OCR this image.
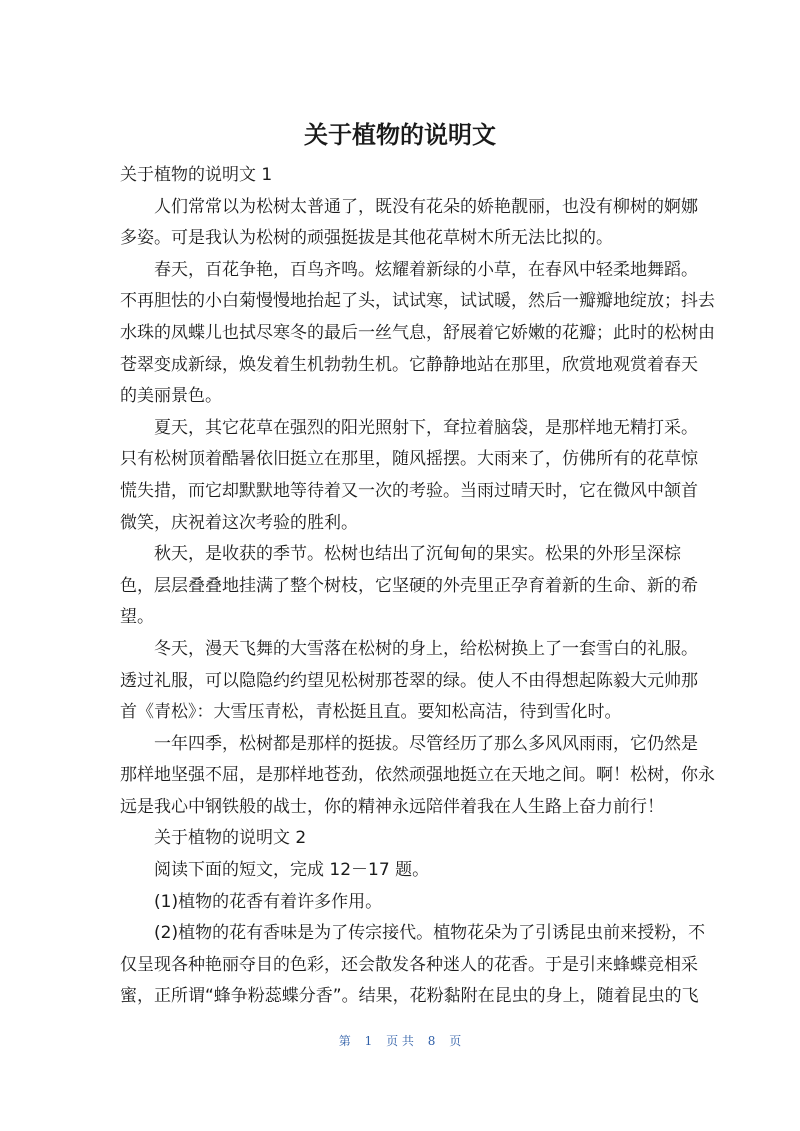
关于植物的说明文
关于植物的说明文 1
人们常常以为松树太普通了，既没有花朵的娇艳靓丽，也没有柳树的婀娜
多姿。可是我认为松树的顽强挺拔是其他花草树木所无法比拟的。
春天，百花争艳，百鸟齐鸣。炫耀着新绿的小草，在春风中轻柔地舞蹈。
不再胆怯的小白菊慢慢地抬起了头，试试寒，试试暖，然后一瓣瓣地绽放；抖去
水珠的凤蝶儿也拭尽寒冬的最后一丝气息，舒展着它娇嫩的花瓣；此时的松树由
苍翠变成新绿，焕发着生机勃勃生机。它静静地站在那里，欣赏地观赏着春天
的美丽景色。
夏天，其它花草在强烈的阳光照射下，耷拉着脑袋，是那样地无精打采。
只有松树顶着酷暑依旧挺立在那里，随风摇摆。大雨来了，仿佛所有的花草惊
慌失措，而它却默默地等待着又一次的考验。当雨过晴天时，它在微风中颔首
微笑，庆祝着这次考验的胜利。
秋天，是收获的季节。松树也结出了沉甸甸的果实。松果的外形呈深棕
色，层层叠叠地挂满了整个树枝，它坚硬的外壳里正孕育着新的生命、新的希
望。
冬天，漫天飞舞的大雪落在松树的身上，给松树换上了一套雪白的礼服。
透过礼服，可以隐隐约约望见松树那苍翠的绿。使人不由得想起陈毅大元帅那
首《青松》：大雪压青松，青松挺且直。要知松高洁，待到雪化时。
一年四季，松树都是那样的挺拔。尽管经历了那么多风风雨雨，它仍然是
那样地坚强不屈，是那样地苍劲，依然顽强地挺立在天地之间。啊！松树，你永
远是我心中钢铁般的战士，你的精神永远陪伴着我在人生路上奋力前行！
关于植物的说明文 2
阅读下面的短文，完成 12－17 题。
(1)植物的花香有着许多作用。
(2)植物的花有香味是为了传宗接代。植物花朵为了引诱昆虫前来授粉，不
仅呈现各种艳丽夺目的色彩，还会散发各种迷人的花香。于是引来蜂蝶竞相采
蜜，正所谓“蜂争粉蕊蝶分香”。结果，花粉黏附在昆虫的身上，随着昆虫的飞
第 1 页 共 8 页
